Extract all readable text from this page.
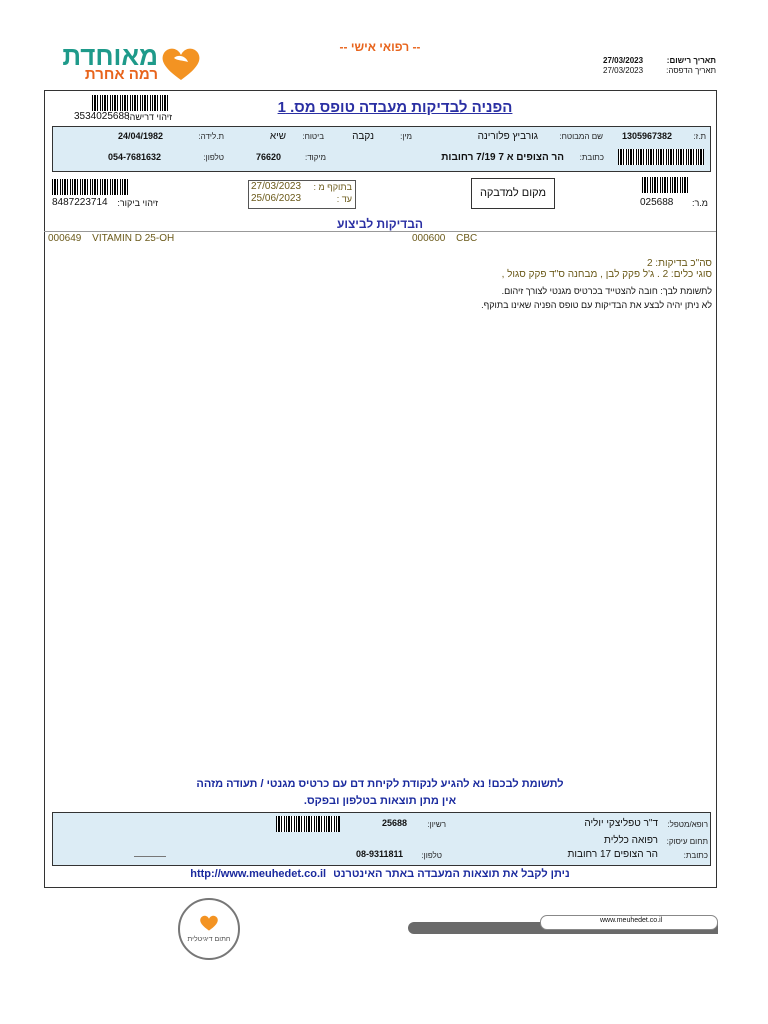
מאוחדת
רמה אחרת
-- רפואי אישי --
תאריך רישום:
27/03/2023
תאריך הדפסה:
27/03/2023
זיהוי דרישה:
3534025688
הפניה לבדיקות מעבדה טופס מס. 1
ת.ז:
1305967382
שם המבוטח:
גורביץ פלורינה
מין:
נקבה
ביטוח:
שיא
ת.לידה:
24/04/1982
כתובת:
הר הצופים א 7 7/19 רחובות
מיקוד:
76620
טלפון:
054-7681632
זיהוי ביקור:
8487223714
בתוקף מ :
27/03/2023
עד :
25/06/2023	מקום למדבקה
מ.ר:
025688
הבדיקות לביצוע
000649 VITAMIN D 25-OH	000600 CBC
סה"כ בדיקות: 2
סוגי כלים: 2 . ג'ל פקק לבן , מבחנה ס"ד פקק סגול ,
לתשומת לבך: חובה להצטייד בכרטיס מגנטי לצורך זיהום.
לא ניתן יהיה לבצע את הבדיקות עם טופס הפניה שאינו בתוקף.
לתשומת לבכם! נא להגיע לנקודת לקיחת דם עם כרטיס מגנטי / תעודה מזהה
אין מתן תוצאות בטלפון ובפקס.
רופא/מטפל:
ד"ר טפליצקי יוליה
רשיון:
25688
תחום עיסוק:
רפואה כללית
כתובת:
הר הצופים 17 רחובות
טלפון:
08-9311811
http://www.meuhedet.co.il ניתן לקבל את תוצאות המעבדה באתר האינטרנט
חתום דיגיטלית
www.meuhedet.co.il
